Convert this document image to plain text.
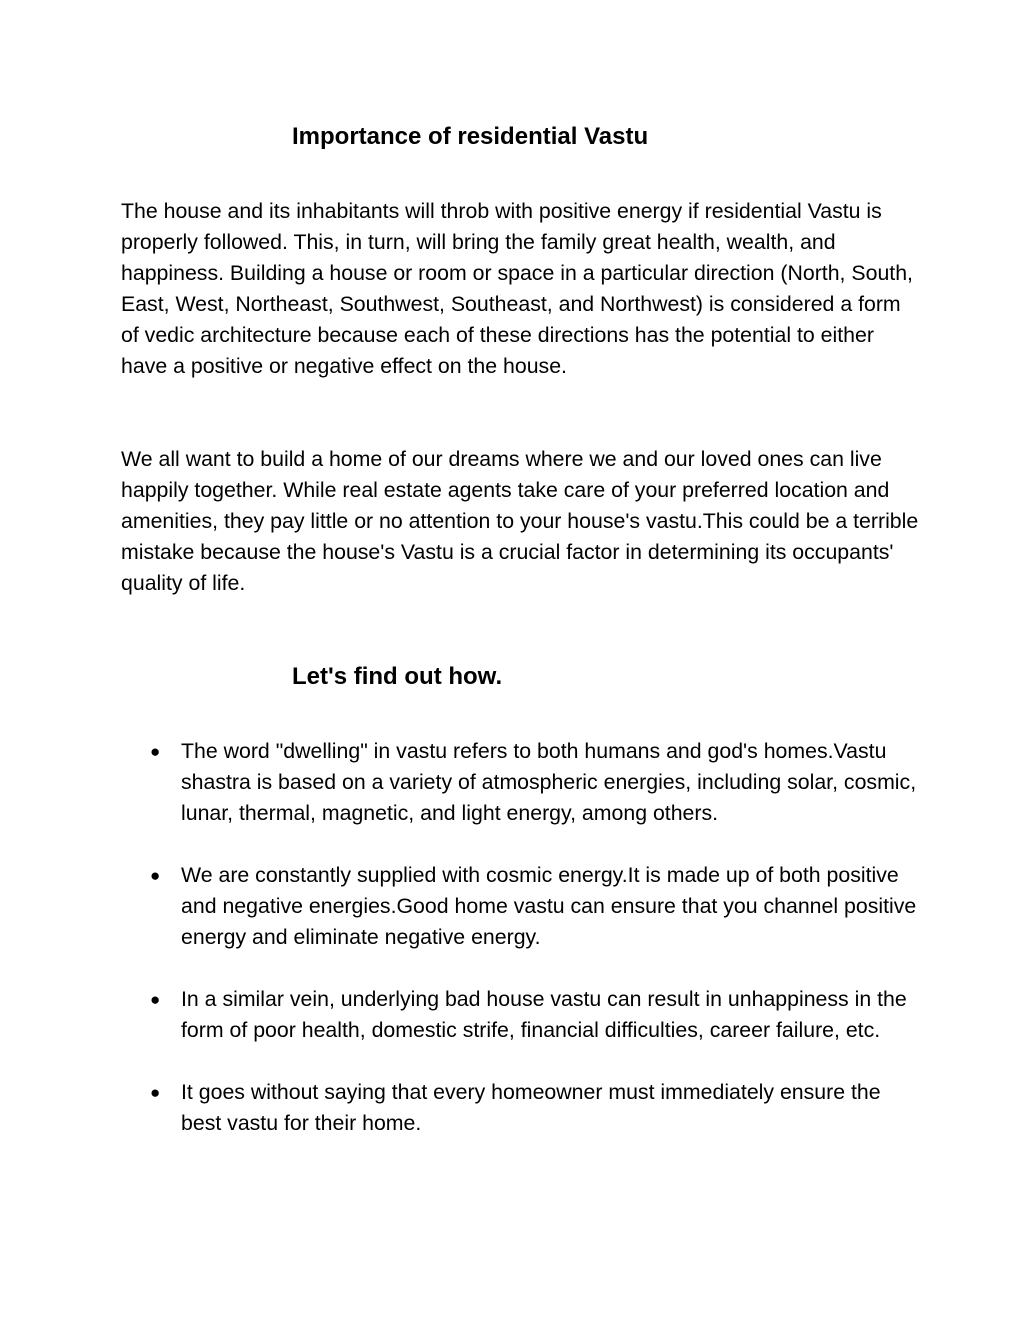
Importance of residential Vastu

The house and its inhabitants will throb with positive energy if residential Vastu is properly followed. This, in turn, will bring the family great health, wealth, and happiness. Building a house or room or space in a particular direction (North, South, East, West, Northeast, Southwest, Southeast, and Northwest) is considered a form of vedic architecture because each of these directions has the potential to either have a positive or negative effect on the house.

We all want to build a home of our dreams where we and our loved ones can live happily together. While real estate agents take care of your preferred location and amenities, they pay little or no attention to your house's vastu.This could be a terrible mistake because the house's Vastu is a crucial factor in determining its occupants' quality of life.

Let's find out how.
● The word "dwelling" in vastu refers to both humans and god's homes.Vastu shastra is based on a variety of atmospheric energies, including solar, cosmic, lunar, thermal, magnetic, and light energy, among others.
● We are constantly supplied with cosmic energy.It is made up of both positive and negative energies.Good home vastu can ensure that you channel positive energy and eliminate negative energy.
● In a similar vein, underlying bad house vastu can result in unhappiness in the form of poor health, domestic strife, financial difficulties, career failure, etc.
● It goes without saying that every homeowner must immediately ensure the best vastu for their home.
